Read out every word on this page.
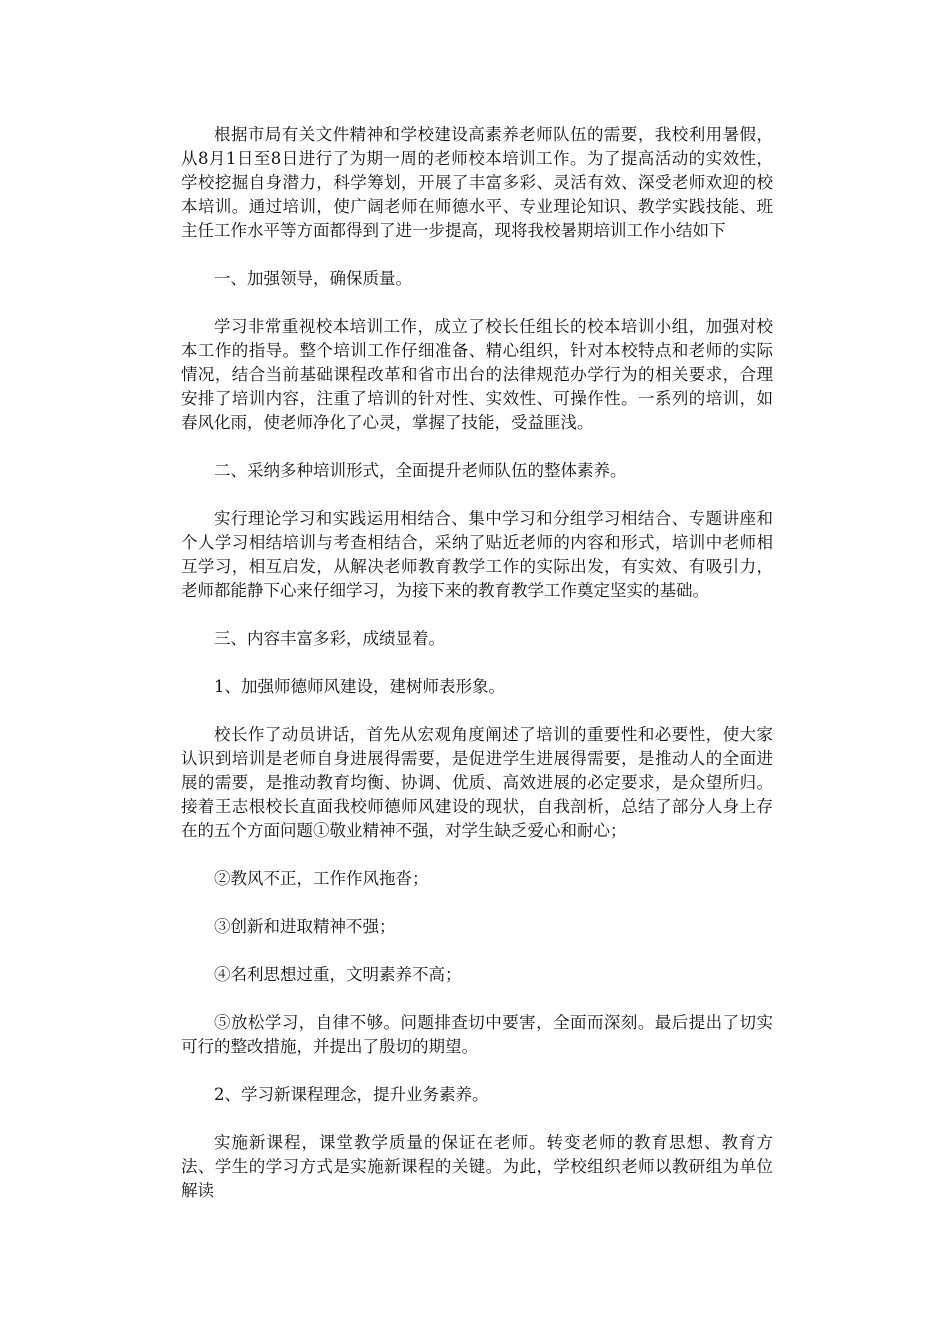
根据市局有关文件精神和学校建设高素养老师队伍的需要，我校利用暑假，从8月1日至8日进行了为期一周的老师校本培训工作。为了提高活动的实效性，学校挖掘自身潜力，科学筹划，开展了丰富多彩、灵活有效、深受老师欢迎的校本培训。通过培训，使广阔老师在师德水平、专业理论知识、教学实践技能、班主任工作水平等方面都得到了进一步提高，现将我校暑期培训工作小结如下

一、加强领导，确保质量。

学习非常重视校本培训工作，成立了校长任组长的校本培训小组，加强对校本工作的指导。整个培训工作仔细准备、精心组织，针对本校特点和老师的实际情况，结合当前基础课程改革和省市出台的法律规范办学行为的相关要求，合理安排了培训内容，注重了培训的针对性、实效性、可操作性。一系列的培训，如春风化雨，使老师净化了心灵，掌握了技能，受益匪浅。

二、采纳多种培训形式，全面提升老师队伍的整体素养。

实行理论学习和实践运用相结合、集中学习和分组学习相结合、专题讲座和个人学习相结培训与考查相结合，采纳了贴近老师的内容和形式，培训中老师相互学习，相互启发，从解决老师教育教学工作的实际出发，有实效、有吸引力，老师都能静下心来仔细学习，为接下来的教育教学工作奠定坚实的基础。

三、内容丰富多彩，成绩显着。

1、加强师德师风建设，建树师表形象。

校长作了动员讲话，首先从宏观角度阐述了培训的重要性和必要性，使大家认识到培训是老师自身进展得需要，是促进学生进展得需要，是推动人的全面进展的需要，是推动教育均衡、协调、优质、高效进展的必定要求，是众望所归。接着王志根校长直面我校师德师风建设的现状，自我剖析，总结了部分人身上存在的五个方面问题①敬业精神不强，对学生缺乏爱心和耐心；

②教风不正，工作作风拖沓；

③创新和进取精神不强；

④名利思想过重，文明素养不高；

⑤放松学习，自律不够。问题排查切中要害，全面而深刻。最后提出了切实可行的整改措施，并提出了殷切的期望。

2、学习新课程理念，提升业务素养。

实施新课程，课堂教学质量的保证在老师。转变老师的教育思想、教育方法、学生的学习方式是实施新课程的关键。为此，学校组织老师以教研组为单位解读
